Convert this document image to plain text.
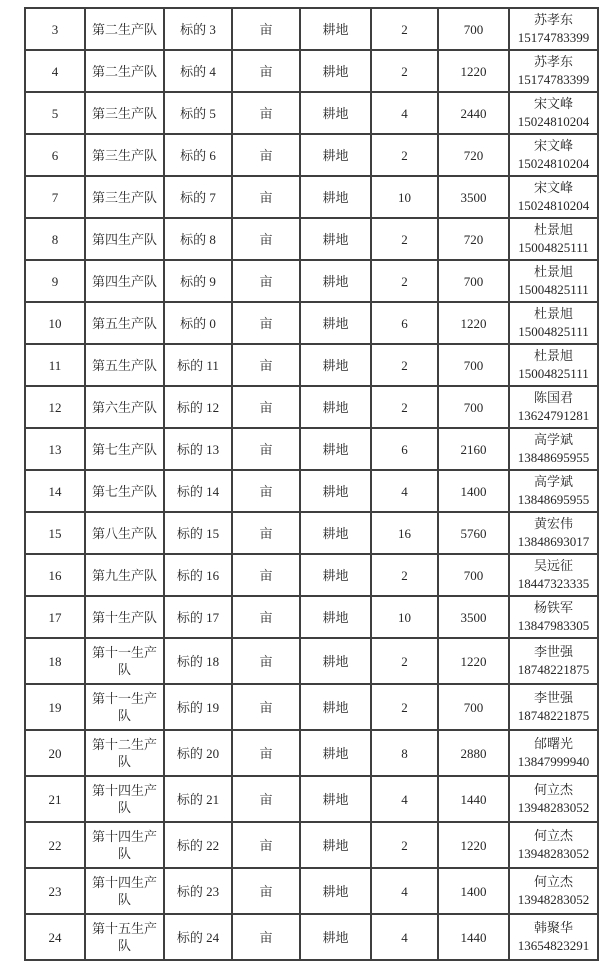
3	第二生产队	标的 3	亩	耕地	2	700	苏孝东
15174783399

4	第二生产队	标的 4	亩	耕地	2	1220	苏孝东
15174783399

5	第三生产队	标的 5	亩	耕地	4	2440	宋文峰
15024810204

6	第三生产队	标的 6	亩	耕地	2	720	宋文峰
15024810204

7	第三生产队	标的 7	亩	耕地	10	3500	宋文峰
15024810204

8	第四生产队	标的 8	亩	耕地	2	720	杜景旭
15004825111

9	第四生产队	标的 9	亩	耕地	2	700	杜景旭
15004825111

10	第五生产队	标的 0	亩	耕地	6	1220	杜景旭
15004825111

11	第五生产队	标的 11	亩	耕地	2	700	杜景旭
15004825111

12	第六生产队	标的 12	亩	耕地	2	700	陈国君
13624791281

13	第七生产队	标的 13	亩	耕地	6	2160	高学斌
13848695955

14	第七生产队	标的 14	亩	耕地	4	1400	高学斌
13848695955

15	第八生产队	标的 15	亩	耕地	16	5760	黄宏伟
13848693017

16	第九生产队	标的 16	亩	耕地	2	700	吴远征
18447323335

17	第十生产队	标的 17	亩	耕地	10	3500	杨铁军
13847983305

18	第十一生产队	标的 18	亩	耕地	2	1220	李世强
18748221875

19	第十一生产队	标的 19	亩	耕地	2	700	李世强
18748221875

20	第十二生产队	标的 20	亩	耕地	8	2880	邰曙光
13847999940

21	第十四生产队	标的 21	亩	耕地	4	1440	何立杰
13948283052

22	第十四生产队	标的 22	亩	耕地	2	1220	何立杰
13948283052

23	第十四生产队	标的 23	亩	耕地	4	1400	何立杰
13948283052

24	第十五生产队	标的 24	亩	耕地	4	1440	韩聚华
13654823291
